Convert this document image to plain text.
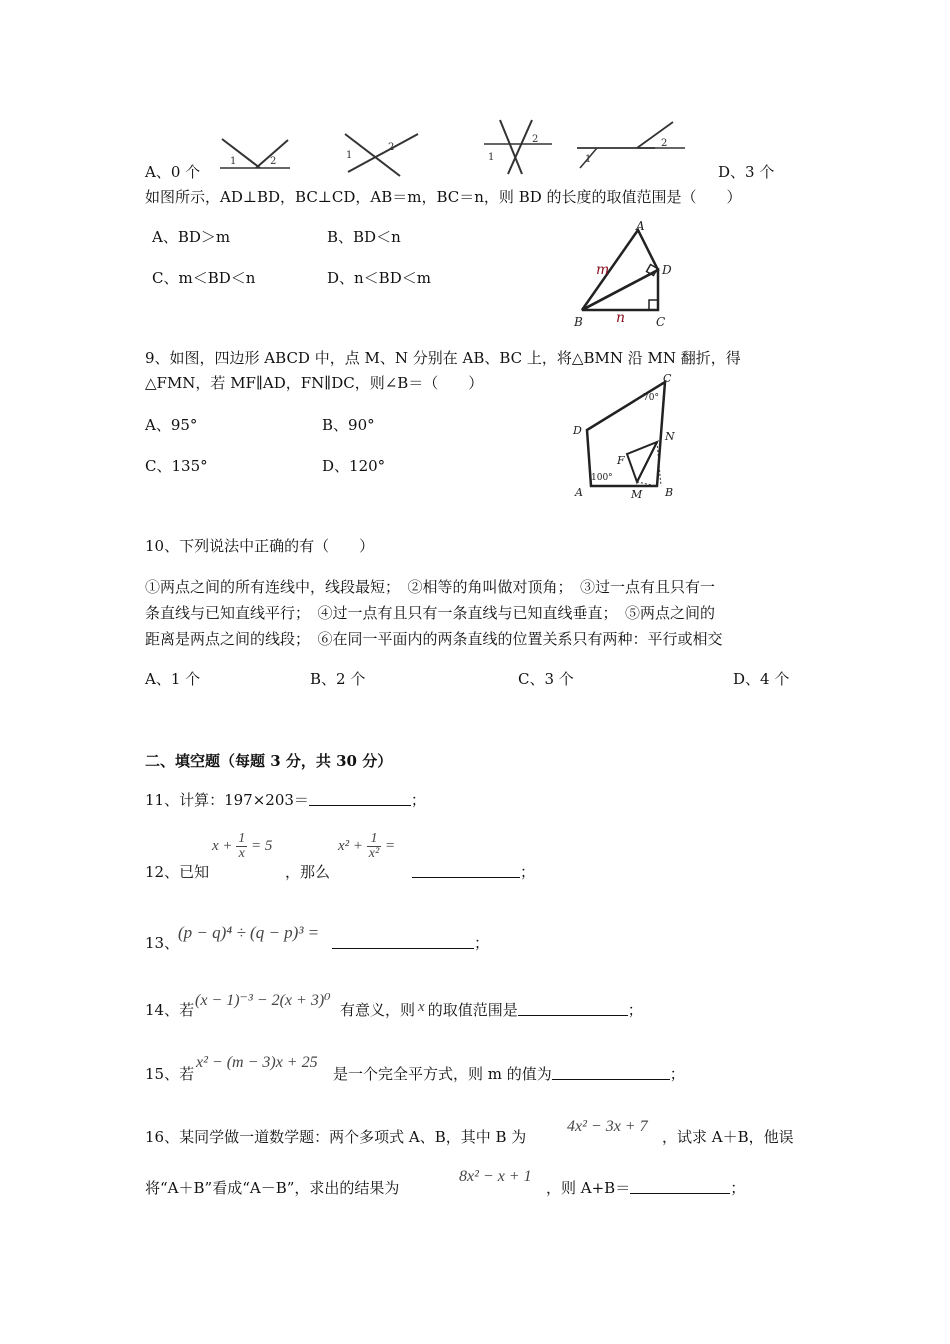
A、0 个
1	2
1
2
1
2
1
2
D、3 个
如图所示，AD⊥BD，BC⊥CD，AB＝m，BC＝n，则 BD 的长度的取值范围是（　　）
A、BD＞m	B、BD＜n
C、m＜BD＜n	D、n＜BD＜m
A
D
B	C
m
n
9、如图，四边形 ABCD 中，点 M、N 分别在 AB、BC 上，将△BMN 沿 MN 翻折，得
△FMN，若 MF∥AD，FN∥DC，则∠B＝（　　）
A、95°	B、90°
C、135°	D、120°
D
C
N
F
A	M B
100°
70°
10、下列说法中正确的有（　　）
①两点之间的所有连线中，线段最短；　②相等的角叫做对顶角；　③过一点有且只有一
条直线与已知直线平行；　④过一点有且只有一条直线与已知直线垂直；　⑤两点之间的
距离是两点之间的线段；　⑥在同一平面内的两条直线的位置关系只有两种：平行或相交
A、1 个	B、2 个	C、3 个	D、4 个
二、填空题（每题 3 分，共 30 分）
11、计算：197×203＝	；
12、已知
$x + \frac{1}{x} = 5$
，那么
$x^2 + \frac{1}{\text{x²}}$ =
；
13、
(p − q)⁴ ÷ (q − p)³ =
；
14、若
(x − 1)⁻³ − 2(x + 3)⁰
有意义，则 x 的取值范围是	；
15、若
x² − (m − 3)x + 25
是一个完全平方式，则 m 的值为	；
16、某同学做一道数学题：两个多项式 A、B，其中 B 为
4x² − 3x + 7
，试求 A＋B，他误
将“A＋B”看成“A－B”，求出的结果为
8x² − x + 1
，则 A+B＝	；
